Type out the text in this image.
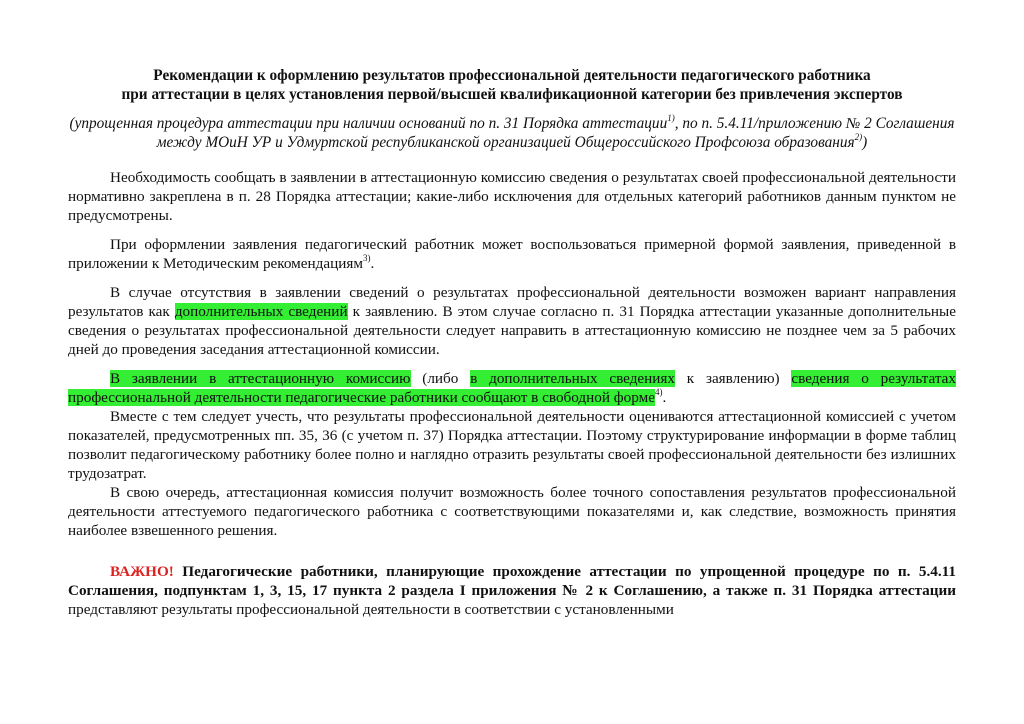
Рекомендации к оформлению результатов профессиональной деятельности педагогического работника
при аттестации в целях установления первой/высшей квалификационной категории без привлечения экспертов
(упрощенная процедура аттестации при наличии оснований по п. 31 Порядка аттестации$^{1)}$, по п. 5.4.11/приложению № 2 Соглашения между МОиН УР и Удмуртской республиканской организацией Общероссийского Профсоюза образования$^{2)}$)

Необходимость сообщать в заявлении в аттестационную комиссию сведения о результатах своей профессиональной деятельности нормативно закреплена в п. 28 Порядка аттестации; какие-либо исключения для отдельных категорий работников данным пунктом не предусмотрены.

При оформлении заявления педагогический работник может воспользоваться примерной формой заявления, приведенной в приложении к Методическим рекомендациям$^{3)}$.

В случае отсутствия в заявлении сведений о результатах профессиональной деятельности возможен вариант направления результатов как дополнительных сведений к заявлению. В этом случае согласно п. 31 Порядка аттестации указанные дополнительные сведения о результатах профессиональной деятельности следует направить в аттестационную комиссию не позднее чем за 5 рабочих дней до проведения заседания аттестационной комиссии.

В заявлении в аттестационную комиссию (либо в дополнительных сведениях к заявлению) сведения о результатах профессиональной деятельности педагогические работники сообщают в свободной форме$^{4)}$.

Вместе с тем следует учесть, что результаты профессиональной деятельности оцениваются аттестационной комиссией с учетом показателей, предусмотренных пп. 35, 36 (с учетом п. 37) Порядка аттестации. Поэтому структурирование информации в форме таблиц позволит педагогическому работнику более полно и наглядно отразить результаты своей профессиональной деятельности без излишних трудозатрат.

В свою очередь, аттестационная комиссия получит возможность более точного сопоставления результатов профессиональной деятельности аттестуемого педагогического работника с соответствующими показателями и, как следствие, возможность принятия наиболее взвешенного решения.

ВАЖНО! Педагогические работники, планирующие прохождение аттестации по упрощенной процедуре по п. 5.4.11 Соглашения, подпунктам 1, 3, 15, 17 пункта 2 раздела I приложения № 2 к Соглашению, а также п. 31 Порядка аттестации представляют результаты профессиональной деятельности в соответствии с установленными
